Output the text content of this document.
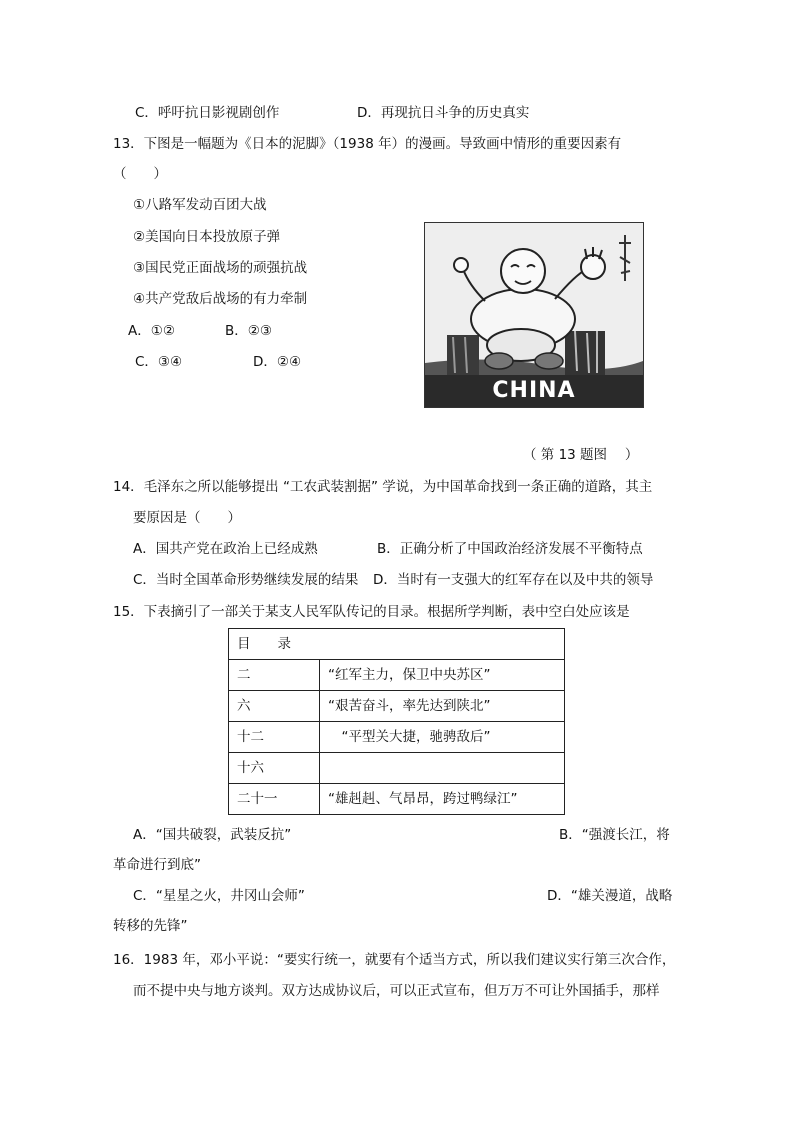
C．呼吁抗日影视剧创作	D．再现抗日斗争的历史真实
13．下图是一幅题为《日本的泥脚》（1938 年）的漫画。导致画中情形的重要因素有
（　　）
①八路军发动百团大战
②美国向日本投放原子弹
③国民党正面战场的顽强抗战
④共产党敌后战场的有力牵制
A．①②	B．②③
C．③④	D．②④
CHINA
（ 第 13 题图　 ）
14．毛泽东之所以能够提出 “工农武装割据” 学说，为中国革命找到一条正确的道路，其主
要原因是（　　）
A．国共产党在政治上已经成熟	B．正确分析了中国政治经济发展不平衡特点
C．当时全国革命形势继续发展的结果 D．当时有一支强大的红军存在以及中共的领导
15．下表摘引了一部关于某支人民军队传记的目录。根据所学判断，表中空白处应该是
目　　录	
二	“红军主力，保卫中央苏区”
六	“艰苦奋斗，率先达到陕北”
十二	　“平型关大捷，驰骋敌后”
十六	
二十一	“雄赳赳、气昂昂，跨过鸭绿江”
A．“国共破裂，武装反抗”	B．“强渡长江，将
革命进行到底”
C．“星星之火，井冈山会师”	D．“雄关漫道，战略
转移的先锋”
16．1983 年，邓小平说：“要实行统一，就要有个适当方式，所以我们建议实行第三次合作，
而不提中央与地方谈判。双方达成协议后，可以正式宣布，但万万不可让外国插手，那样
